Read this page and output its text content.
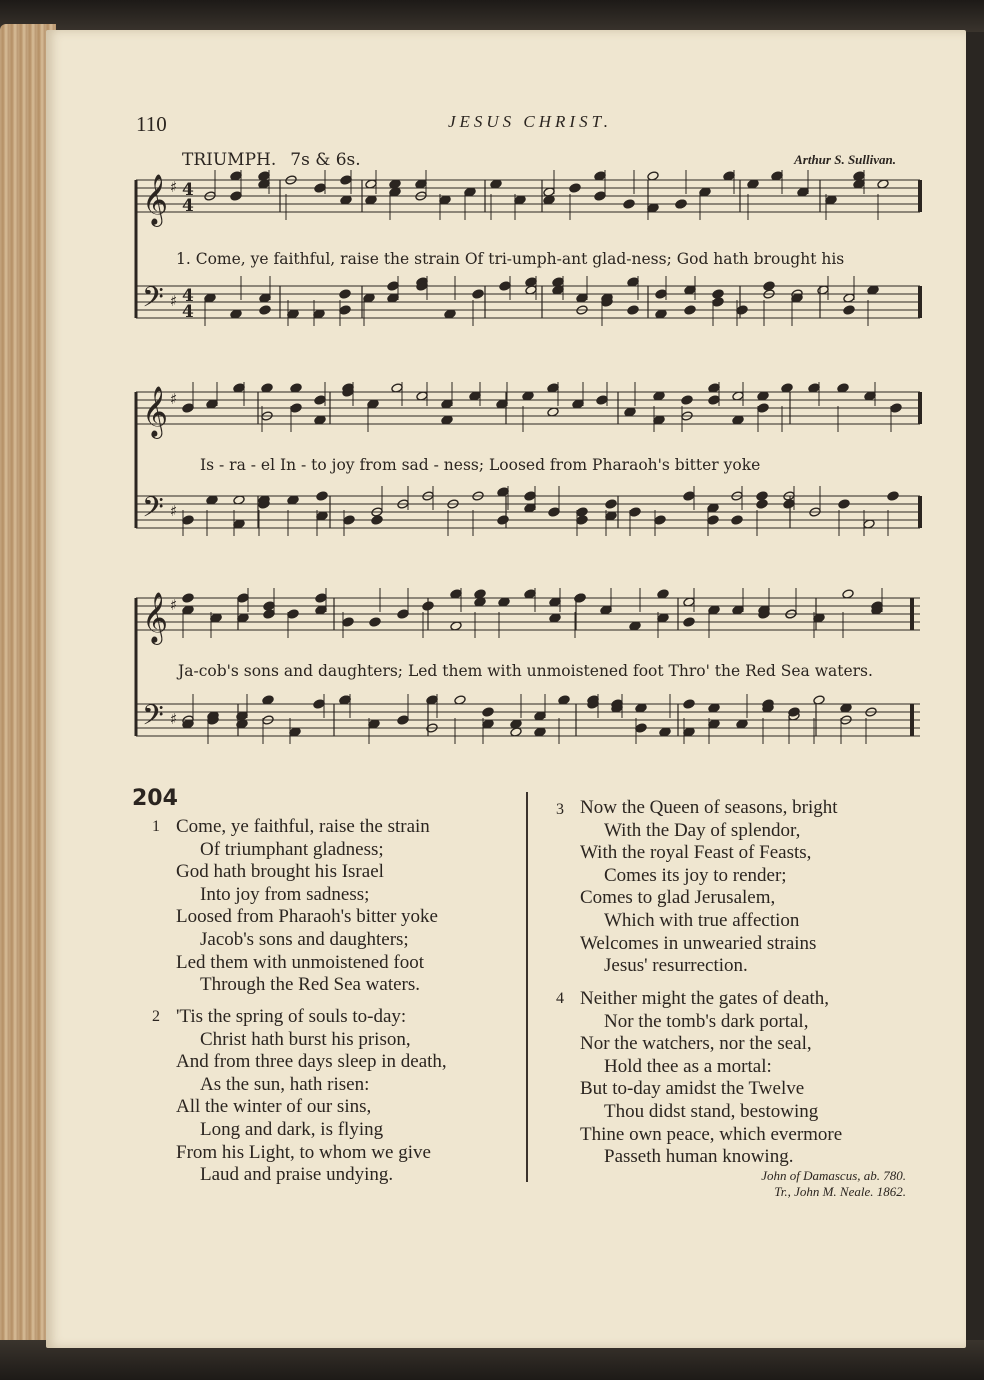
110	JESUS CHRIST.
TRIUMPH. 7s & 6s.	Arthur S. Sullivan.
𝄞 ♯ 4
4
𝄢 ♯ 4
4
𝄞 ♯
𝄢 ♯
𝄞 ♯
𝄢 ♯
1. Come, ye faithful, raise the strain Of tri-umph-ant glad-ness; God hath brought his
Is - ra - el In - to joy from sad - ness; Loosed from Pharaoh's bitter yoke
Ja-cob's sons and daughters; Led them with unmoistened foot Thro' the Red Sea waters.
204
1 Come, ye faithful, raise the strain
Of triumphant gladness;
God hath brought his Israel
Into joy from sadness;
Loosed from Pharaoh's bitter yoke
Jacob's sons and daughters;
Led them with unmoistened foot
Through the Red Sea waters.
2 'Tis the spring of souls to-day:
Christ hath burst his prison,
And from three days sleep in death,
As the sun, hath risen:
All the winter of our sins,
Long and dark, is flying
From his Light, to whom we give
Laud and praise undying.
3 Now the Queen of seasons, bright
With the Day of splendor,
With the royal Feast of Feasts,
Comes its joy to render;
Comes to glad Jerusalem,
Which with true affection
Welcomes in unwearied strains
Jesus' resurrection.
4 Neither might the gates of death,
Nor the tomb's dark portal,
Nor the watchers, nor the seal,
Hold thee as a mortal:
But to-day amidst the Twelve
Thou didst stand, bestowing
Thine own peace, which evermore
Passeth human knowing.
John of Damascus, ab. 780.
Tr., John M. Neale. 1862.
